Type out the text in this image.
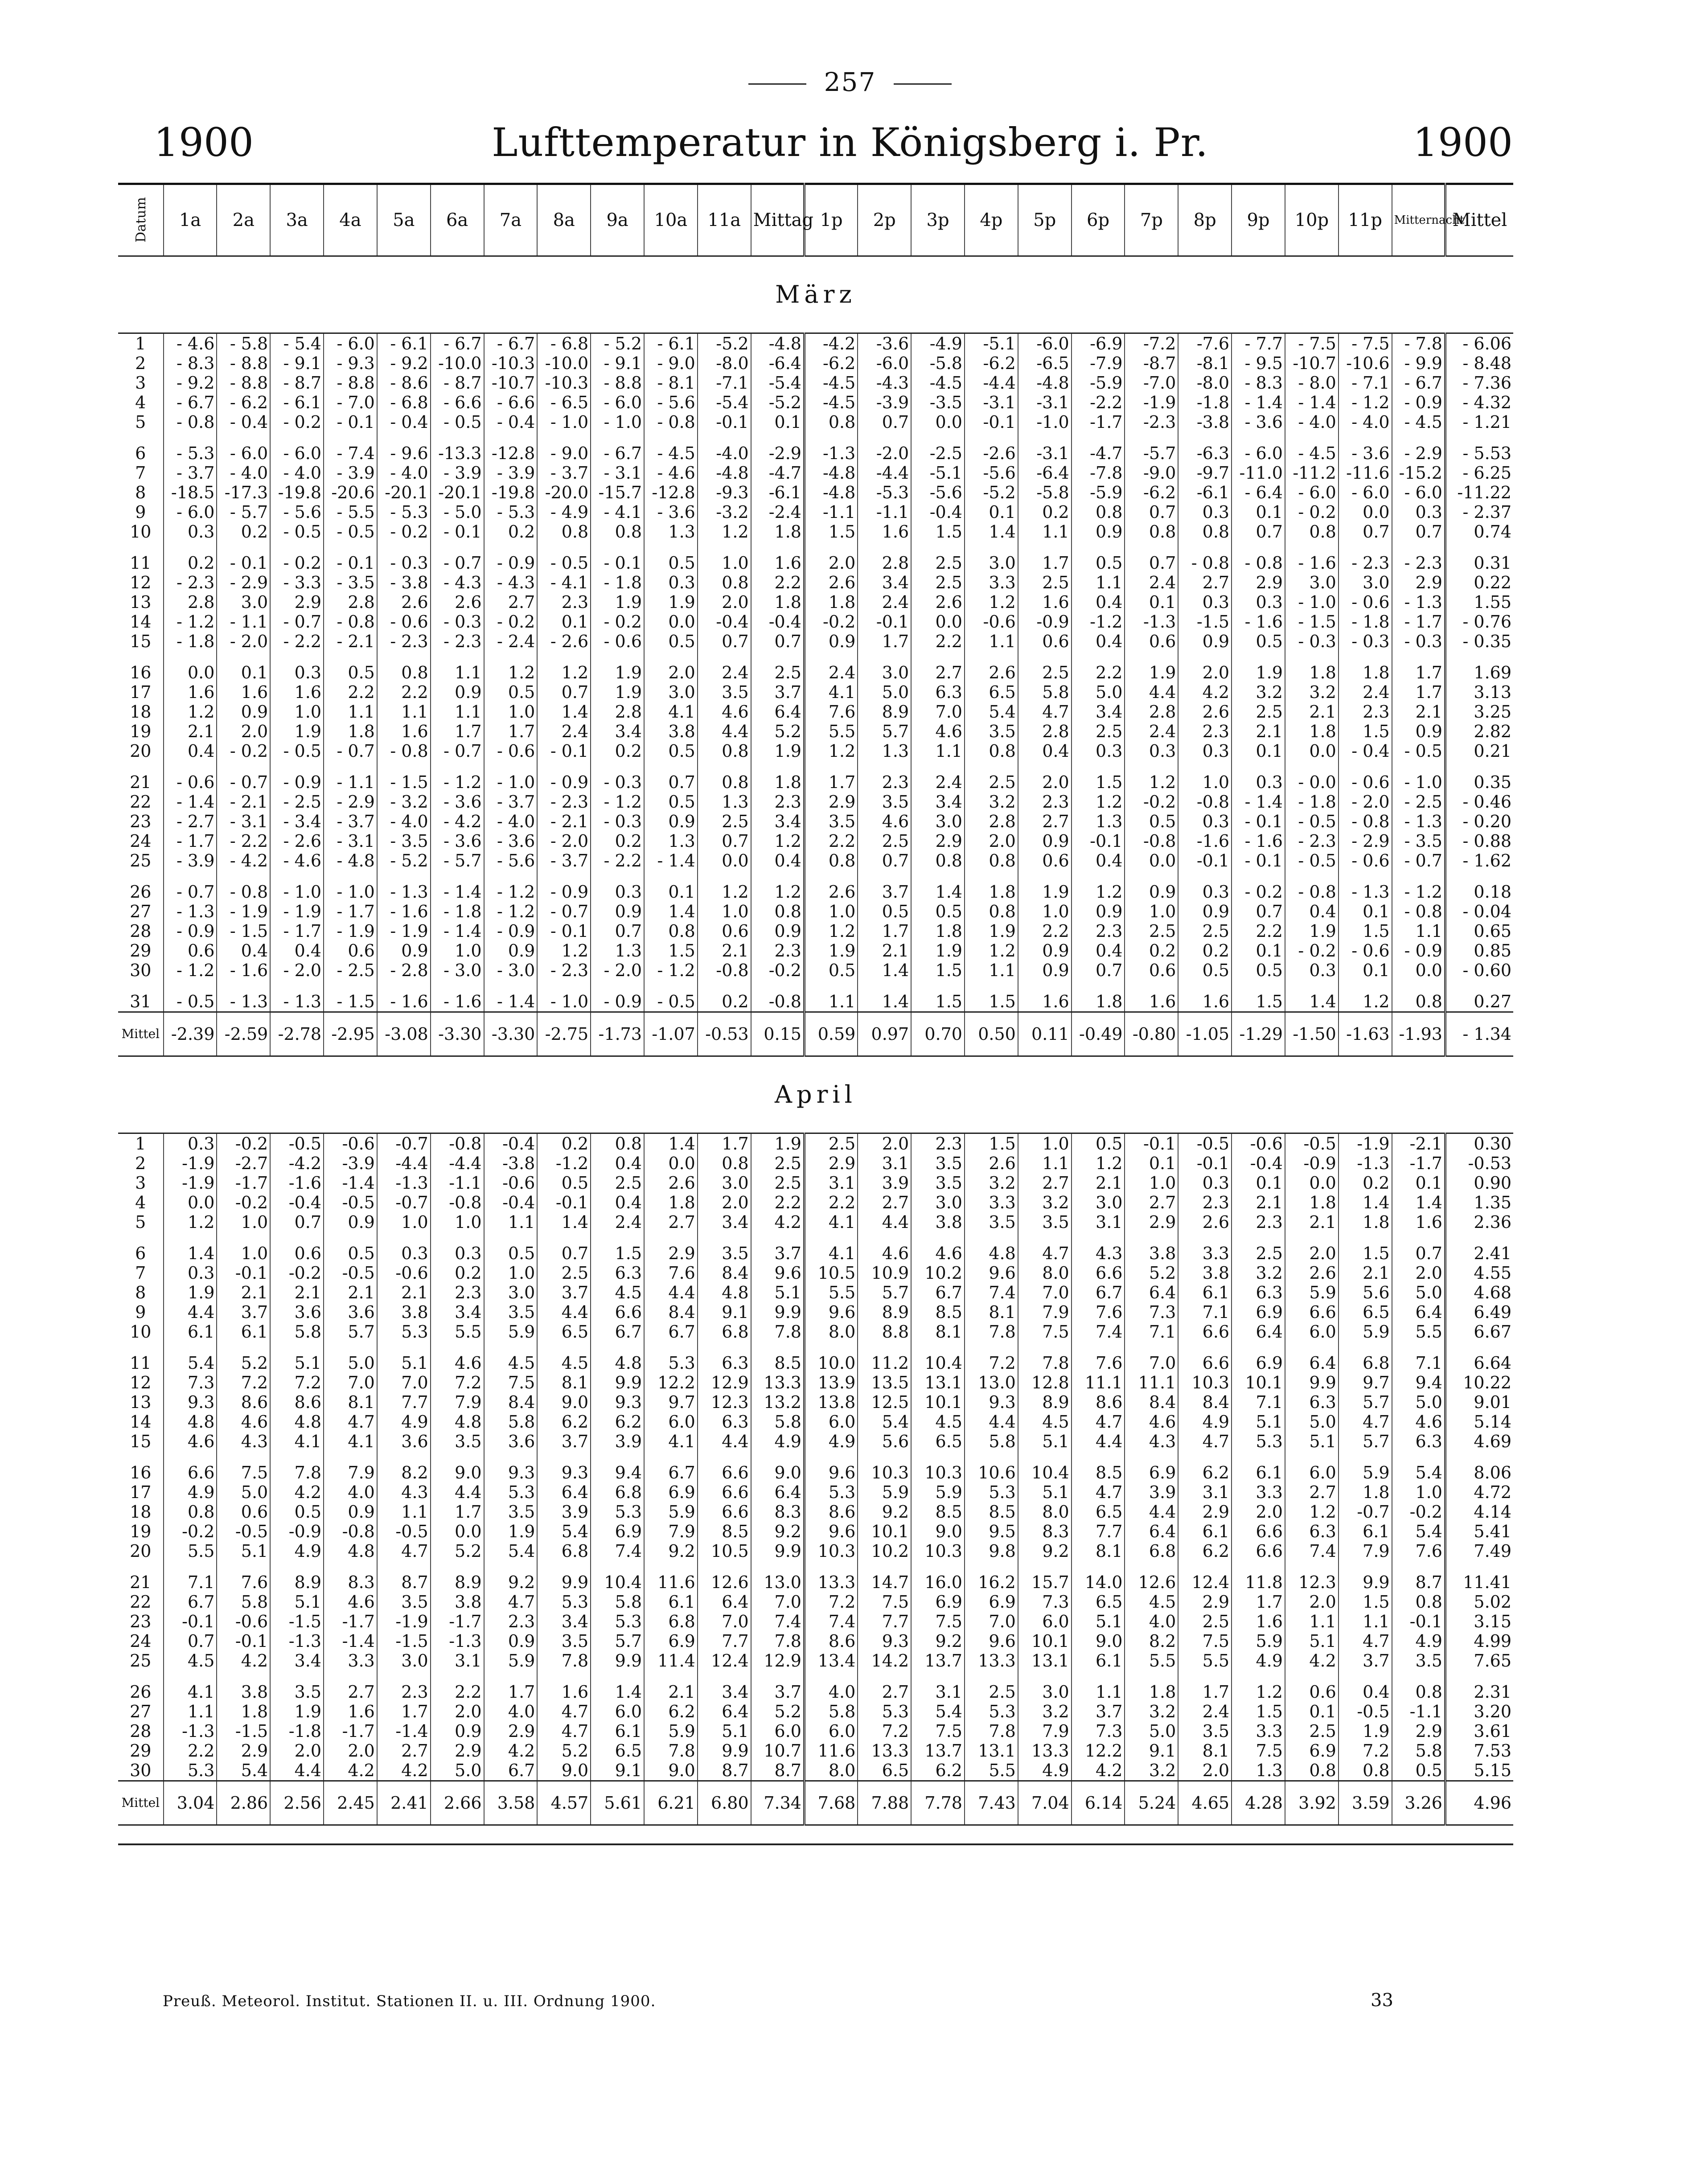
257
1900	Lufttemperatur in Königsberg i. Pr.	1900
Datum	1a	2a	3a	4a	5a	6a	7a	8a	9a	10a	11a	Mittag	1p	2p	3p	4p	5p	6p	7p	8p	9p	10p	11p	Mitternacht	Mittel
März																									
1	- 4.6	- 5.8	- 5.4	- 6.0	- 6.1	- 6.7	- 6.7	- 6.8	- 5.2	- 6.1	-5.2	-4.8	-4.2	-3.6	-4.9	-5.1	-6.0	-6.9	-7.2	-7.6	- 7.7	- 7.5	- 7.5	- 7.8	- 6.06
2	- 8.3	- 8.8	- 9.1	- 9.3	- 9.2	-10.0	-10.3	-10.0	- 9.1	- 9.0	-8.0	-6.4	-6.2	-6.0	-5.8	-6.2	-6.5	-7.9	-8.7	-8.1	- 9.5	-10.7	-10.6	- 9.9	- 8.48
3	- 9.2	- 8.8	- 8.7	- 8.8	- 8.6	- 8.7	-10.7	-10.3	- 8.8	- 8.1	-7.1	-5.4	-4.5	-4.3	-4.5	-4.4	-4.8	-5.9	-7.0	-8.0	- 8.3	- 8.0	- 7.1	- 6.7	- 7.36
4	- 6.7	- 6.2	- 6.1	- 7.0	- 6.8	- 6.6	- 6.6	- 6.5	- 6.0	- 5.6	-5.4	-5.2	-4.5	-3.9	-3.5	-3.1	-3.1	-2.2	-1.9	-1.8	- 1.4	- 1.4	- 1.2	- 0.9	- 4.32
5	- 0.8	- 0.4	- 0.2	- 0.1	- 0.4	- 0.5	- 0.4	- 1.0	- 1.0	- 0.8	-0.1	0.1	0.8	0.7	0.0	-0.1	-1.0	-1.7	-2.3	-3.8	- 3.6	- 4.0	- 4.0	- 4.5	- 1.21
6	- 5.3	- 6.0	- 6.0	- 7.4	- 9.6	-13.3	-12.8	- 9.0	- 6.7	- 4.5	-4.0	-2.9	-1.3	-2.0	-2.5	-2.6	-3.1	-4.7	-5.7	-6.3	- 6.0	- 4.5	- 3.6	- 2.9	- 5.53
7	- 3.7	- 4.0	- 4.0	- 3.9	- 4.0	- 3.9	- 3.9	- 3.7	- 3.1	- 4.6	-4.8	-4.7	-4.8	-4.4	-5.1	-5.6	-6.4	-7.8	-9.0	-9.7	-11.0	-11.2	-11.6	-15.2	- 6.25
8	-18.5	-17.3	-19.8	-20.6	-20.1	-20.1	-19.8	-20.0	-15.7	-12.8	-9.3	-6.1	-4.8	-5.3	-5.6	-5.2	-5.8	-5.9	-6.2	-6.1	- 6.4	- 6.0	- 6.0	- 6.0	-11.22
9	- 6.0	- 5.7	- 5.6	- 5.5	- 5.3	- 5.0	- 5.3	- 4.9	- 4.1	- 3.6	-3.2	-2.4	-1.1	-1.1	-0.4	0.1	0.2	0.8	0.7	0.3	0.1	- 0.2	0.0	0.3	- 2.37
10	0.3	0.2	- 0.5	- 0.5	- 0.2	- 0.1	0.2	0.8	0.8	1.3	1.2	1.8	1.5	1.6	1.5	1.4	1.1	0.9	0.8	0.8	0.7	0.8	0.7	0.7	0.74
11	0.2	- 0.1	- 0.2	- 0.1	- 0.3	- 0.7	- 0.9	- 0.5	- 0.1	0.5	1.0	1.6	2.0	2.8	2.5	3.0	1.7	0.5	0.7	- 0.8	- 0.8	- 1.6	- 2.3	- 2.3	0.31
12	- 2.3	- 2.9	- 3.3	- 3.5	- 3.8	- 4.3	- 4.3	- 4.1	- 1.8	0.3	0.8	2.2	2.6	3.4	2.5	3.3	2.5	1.1	2.4	2.7	2.9	3.0	3.0	2.9	0.22
13	2.8	3.0	2.9	2.8	2.6	2.6	2.7	2.3	1.9	1.9	2.0	1.8	1.8	2.4	2.6	1.2	1.6	0.4	0.1	0.3	0.3	- 1.0	- 0.6	- 1.3	1.55
14	- 1.2	- 1.1	- 0.7	- 0.8	- 0.6	- 0.3	- 0.2	0.1	- 0.2	0.0	-0.4	-0.4	-0.2	-0.1	0.0	-0.6	-0.9	-1.2	-1.3	-1.5	- 1.6	- 1.5	- 1.8	- 1.7	- 0.76
15	- 1.8	- 2.0	- 2.2	- 2.1	- 2.3	- 2.3	- 2.4	- 2.6	- 0.6	0.5	0.7	0.7	0.9	1.7	2.2	1.1	0.6	0.4	0.6	0.9	0.5	- 0.3	- 0.3	- 0.3	- 0.35
16	0.0	0.1	0.3	0.5	0.8	1.1	1.2	1.2	1.9	2.0	2.4	2.5	2.4	3.0	2.7	2.6	2.5	2.2	1.9	2.0	1.9	1.8	1.8	1.7	1.69
17	1.6	1.6	1.6	2.2	2.2	0.9	0.5	0.7	1.9	3.0	3.5	3.7	4.1	5.0	6.3	6.5	5.8	5.0	4.4	4.2	3.2	3.2	2.4	1.7	3.13
18	1.2	0.9	1.0	1.1	1.1	1.1	1.0	1.4	2.8	4.1	4.6	6.4	7.6	8.9	7.0	5.4	4.7	3.4	2.8	2.6	2.5	2.1	2.3	2.1	3.25
19	2.1	2.0	1.9	1.8	1.6	1.7	1.7	2.4	3.4	3.8	4.4	5.2	5.5	5.7	4.6	3.5	2.8	2.5	2.4	2.3	2.1	1.8	1.5	0.9	2.82
20	0.4	- 0.2	- 0.5	- 0.7	- 0.8	- 0.7	- 0.6	- 0.1	0.2	0.5	0.8	1.9	1.2	1.3	1.1	0.8	0.4	0.3	0.3	0.3	0.1	0.0	- 0.4	- 0.5	0.21
21	- 0.6	- 0.7	- 0.9	- 1.1	- 1.5	- 1.2	- 1.0	- 0.9	- 0.3	0.7	0.8	1.8	1.7	2.3	2.4	2.5	2.0	1.5	1.2	1.0	0.3	- 0.0	- 0.6	- 1.0	0.35
22	- 1.4	- 2.1	- 2.5	- 2.9	- 3.2	- 3.6	- 3.7	- 2.3	- 1.2	0.5	1.3	2.3	2.9	3.5	3.4	3.2	2.3	1.2	-0.2	-0.8	- 1.4	- 1.8	- 2.0	- 2.5	- 0.46
23	- 2.7	- 3.1	- 3.4	- 3.7	- 4.0	- 4.2	- 4.0	- 2.1	- 0.3	0.9	2.5	3.4	3.5	4.6	3.0	2.8	2.7	1.3	0.5	0.3	- 0.1	- 0.5	- 0.8	- 1.3	- 0.20
24	- 1.7	- 2.2	- 2.6	- 3.1	- 3.5	- 3.6	- 3.6	- 2.0	0.2	1.3	0.7	1.2	2.2	2.5	2.9	2.0	0.9	-0.1	-0.8	-1.6	- 1.6	- 2.3	- 2.9	- 3.5	- 0.88
25	- 3.9	- 4.2	- 4.6	- 4.8	- 5.2	- 5.7	- 5.6	- 3.7	- 2.2	- 1.4	0.0	0.4	0.8	0.7	0.8	0.8	0.6	0.4	0.0	-0.1	- 0.1	- 0.5	- 0.6	- 0.7	- 1.62
26	- 0.7	- 0.8	- 1.0	- 1.0	- 1.3	- 1.4	- 1.2	- 0.9	0.3	0.1	1.2	1.2	2.6	3.7	1.4	1.8	1.9	1.2	0.9	0.3	- 0.2	- 0.8	- 1.3	- 1.2	0.18
27	- 1.3	- 1.9	- 1.9	- 1.7	- 1.6	- 1.8	- 1.2	- 0.7	0.9	1.4	1.0	0.8	1.0	0.5	0.5	0.8	1.0	0.9	1.0	0.9	0.7	0.4	0.1	- 0.8	- 0.04
28	- 0.9	- 1.5	- 1.7	- 1.9	- 1.9	- 1.4	- 0.9	- 0.1	0.7	0.8	0.6	0.9	1.2	1.7	1.8	1.9	2.2	2.3	2.5	2.5	2.2	1.9	1.5	1.1	0.65
29	0.6	0.4	0.4	0.6	0.9	1.0	0.9	1.2	1.3	1.5	2.1	2.3	1.9	2.1	1.9	1.2	0.9	0.4	0.2	0.2	0.1	- 0.2	- 0.6	- 0.9	0.85
30	- 1.2	- 1.6	- 2.0	- 2.5	- 2.8	- 3.0	- 3.0	- 2.3	- 2.0	- 1.2	-0.8	-0.2	0.5	1.4	1.5	1.1	0.9	0.7	0.6	0.5	0.5	0.3	0.1	0.0	- 0.60
31	- 0.5	- 1.3	- 1.3	- 1.5	- 1.6	- 1.6	- 1.4	- 1.0	- 0.9	- 0.5	0.2	-0.8	1.1	1.4	1.5	1.5	1.6	1.8	1.6	1.6	1.5	1.4	1.2	0.8	0.27
Mittel	-2.39	-2.59	-2.78	-2.95	-3.08	-3.30	-3.30	-2.75	-1.73	-1.07	-0.53	0.15	0.59	0.97	0.70	0.50	0.11	-0.49	-0.80	-1.05	-1.29	-1.50	-1.63	-1.93	- 1.34
April																									
1	0.3	-0.2	-0.5	-0.6	-0.7	-0.8	-0.4	0.2	0.8	1.4	1.7	1.9	2.5	2.0	2.3	1.5	1.0	0.5	-0.1	-0.5	-0.6	-0.5	-1.9	-2.1	0.30
2	-1.9	-2.7	-4.2	-3.9	-4.4	-4.4	-3.8	-1.2	0.4	0.0	0.8	2.5	2.9	3.1	3.5	2.6	1.1	1.2	0.1	-0.1	-0.4	-0.9	-1.3	-1.7	-0.53
3	-1.9	-1.7	-1.6	-1.4	-1.3	-1.1	-0.6	0.5	2.5	2.6	3.0	2.5	3.1	3.9	3.5	3.2	2.7	2.1	1.0	0.3	0.1	0.0	0.2	0.1	0.90
4	0.0	-0.2	-0.4	-0.5	-0.7	-0.8	-0.4	-0.1	0.4	1.8	2.0	2.2	2.2	2.7	3.0	3.3	3.2	3.0	2.7	2.3	2.1	1.8	1.4	1.4	1.35
5	1.2	1.0	0.7	0.9	1.0	1.0	1.1	1.4	2.4	2.7	3.4	4.2	4.1	4.4	3.8	3.5	3.5	3.1	2.9	2.6	2.3	2.1	1.8	1.6	2.36
6	1.4	1.0	0.6	0.5	0.3	0.3	0.5	0.7	1.5	2.9	3.5	3.7	4.1	4.6	4.6	4.8	4.7	4.3	3.8	3.3	2.5	2.0	1.5	0.7	2.41
7	0.3	-0.1	-0.2	-0.5	-0.6	0.2	1.0	2.5	6.3	7.6	8.4	9.6	10.5	10.9	10.2	9.6	8.0	6.6	5.2	3.8	3.2	2.6	2.1	2.0	4.55
8	1.9	2.1	2.1	2.1	2.1	2.3	3.0	3.7	4.5	4.4	4.8	5.1	5.5	5.7	6.7	7.4	7.0	6.7	6.4	6.1	6.3	5.9	5.6	5.0	4.68
9	4.4	3.7	3.6	3.6	3.8	3.4	3.5	4.4	6.6	8.4	9.1	9.9	9.6	8.9	8.5	8.1	7.9	7.6	7.3	7.1	6.9	6.6	6.5	6.4	6.49
10	6.1	6.1	5.8	5.7	5.3	5.5	5.9	6.5	6.7	6.7	6.8	7.8	8.0	8.8	8.1	7.8	7.5	7.4	7.1	6.6	6.4	6.0	5.9	5.5	6.67
11	5.4	5.2	5.1	5.0	5.1	4.6	4.5	4.5	4.8	5.3	6.3	8.5	10.0	11.2	10.4	7.2	7.8	7.6	7.0	6.6	6.9	6.4	6.8	7.1	6.64
12	7.3	7.2	7.2	7.0	7.0	7.2	7.5	8.1	9.9	12.2	12.9	13.3	13.9	13.5	13.1	13.0	12.8	11.1	11.1	10.3	10.1	9.9	9.7	9.4	10.22
13	9.3	8.6	8.6	8.1	7.7	7.9	8.4	9.0	9.3	9.7	12.3	13.2	13.8	12.5	10.1	9.3	8.9	8.6	8.4	8.4	7.1	6.3	5.7	5.0	9.01
14	4.8	4.6	4.8	4.7	4.9	4.8	5.8	6.2	6.2	6.0	6.3	5.8	6.0	5.4	4.5	4.4	4.5	4.7	4.6	4.9	5.1	5.0	4.7	4.6	5.14
15	4.6	4.3	4.1	4.1	3.6	3.5	3.6	3.7	3.9	4.1	4.4	4.9	4.9	5.6	6.5	5.8	5.1	4.4	4.3	4.7	5.3	5.1	5.7	6.3	4.69
16	6.6	7.5	7.8	7.9	8.2	9.0	9.3	9.3	9.4	6.7	6.6	9.0	9.6	10.3	10.3	10.6	10.4	8.5	6.9	6.2	6.1	6.0	5.9	5.4	8.06
17	4.9	5.0	4.2	4.0	4.3	4.4	5.3	6.4	6.8	6.9	6.6	6.4	5.3	5.9	5.9	5.3	5.1	4.7	3.9	3.1	3.3	2.7	1.8	1.0	4.72
18	0.8	0.6	0.5	0.9	1.1	1.7	3.5	3.9	5.3	5.9	6.6	8.3	8.6	9.2	8.5	8.5	8.0	6.5	4.4	2.9	2.0	1.2	-0.7	-0.2	4.14
19	-0.2	-0.5	-0.9	-0.8	-0.5	0.0	1.9	5.4	6.9	7.9	8.5	9.2	9.6	10.1	9.0	9.5	8.3	7.7	6.4	6.1	6.6	6.3	6.1	5.4	5.41
20	5.5	5.1	4.9	4.8	4.7	5.2	5.4	6.8	7.4	9.2	10.5	9.9	10.3	10.2	10.3	9.8	9.2	8.1	6.8	6.2	6.6	7.4	7.9	7.6	7.49
21	7.1	7.6	8.9	8.3	8.7	8.9	9.2	9.9	10.4	11.6	12.6	13.0	13.3	14.7	16.0	16.2	15.7	14.0	12.6	12.4	11.8	12.3	9.9	8.7	11.41
22	6.7	5.8	5.1	4.6	3.5	3.8	4.7	5.3	5.8	6.1	6.4	7.0	7.2	7.5	6.9	6.9	7.3	6.5	4.5	2.9	1.7	2.0	1.5	0.8	5.02
23	-0.1	-0.6	-1.5	-1.7	-1.9	-1.7	2.3	3.4	5.3	6.8	7.0	7.4	7.4	7.7	7.5	7.0	6.0	5.1	4.0	2.5	1.6	1.1	1.1	-0.1	3.15
24	0.7	-0.1	-1.3	-1.4	-1.5	-1.3	0.9	3.5	5.7	6.9	7.7	7.8	8.6	9.3	9.2	9.6	10.1	9.0	8.2	7.5	5.9	5.1	4.7	4.9	4.99
25	4.5	4.2	3.4	3.3	3.0	3.1	5.9	7.8	9.9	11.4	12.4	12.9	13.4	14.2	13.7	13.3	13.1	6.1	5.5	5.5	4.9	4.2	3.7	3.5	7.65
26	4.1	3.8	3.5	2.7	2.3	2.2	1.7	1.6	1.4	2.1	3.4	3.7	4.0	2.7	3.1	2.5	3.0	1.1	1.8	1.7	1.2	0.6	0.4	0.8	2.31
27	1.1	1.8	1.9	1.6	1.7	2.0	4.0	4.7	6.0	6.2	6.4	5.2	5.8	5.3	5.4	5.3	3.2	3.7	3.2	2.4	1.5	0.1	-0.5	-1.1	3.20
28	-1.3	-1.5	-1.8	-1.7	-1.4	0.9	2.9	4.7	6.1	5.9	5.1	6.0	6.0	7.2	7.5	7.8	7.9	7.3	5.0	3.5	3.3	2.5	1.9	2.9	3.61
29	2.2	2.9	2.0	2.0	2.7	2.9	4.2	5.2	6.5	7.8	9.9	10.7	11.6	13.3	13.7	13.1	13.3	12.2	9.1	8.1	7.5	6.9	7.2	5.8	7.53
30	5.3	5.4	4.4	4.2	4.2	5.0	6.7	9.0	9.1	9.0	8.7	8.7	8.0	6.5	6.2	5.5	4.9	4.2	3.2	2.0	1.3	0.8	0.8	0.5	5.15
Mittel	3.04	2.86	2.56	2.45	2.41	2.66	3.58	4.57	5.61	6.21	6.80	7.34	7.68	7.88	7.78	7.43	7.04	6.14	5.24	4.65	4.28	3.92	3.59	3.26	4.96

Preuß. Meteorol. Institut. Stationen II. u. III. Ordnung 1900.	33
